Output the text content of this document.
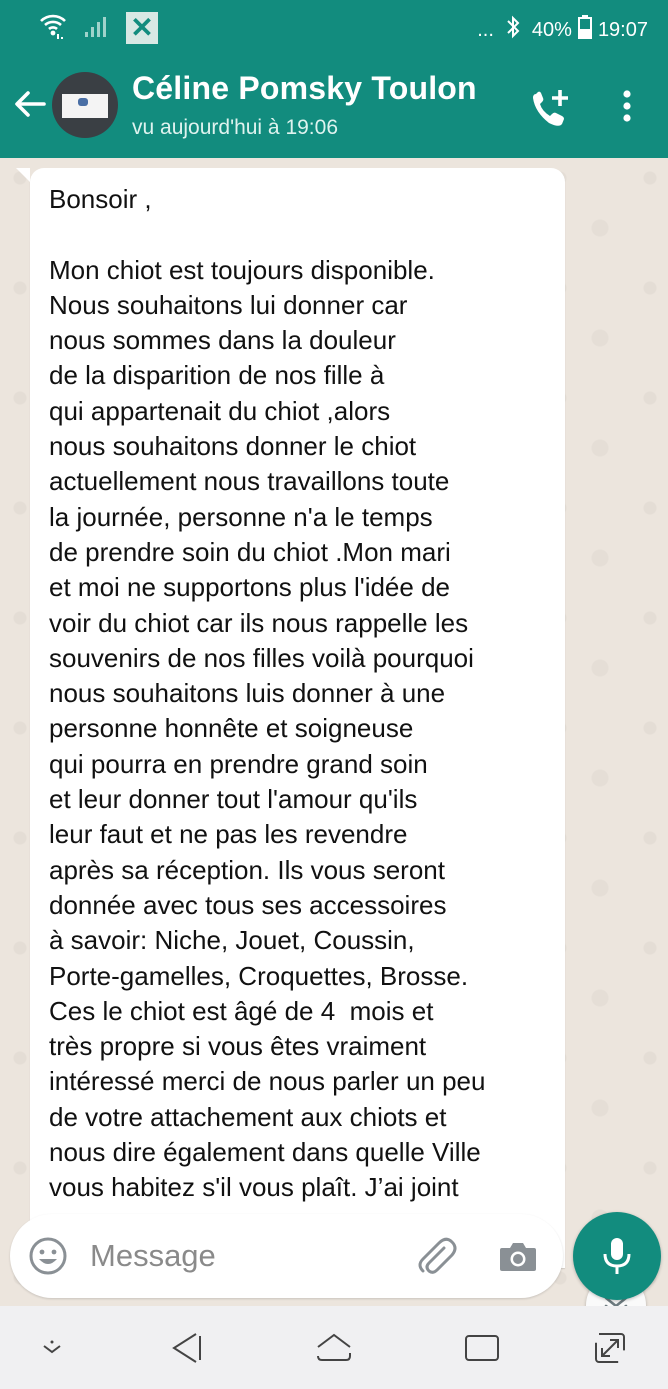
✕	... 40% 19:07
Céline Pomsky Toulon
vu aujourd'hui à 19:06
Bonsoir ,

Mon chiot est toujours disponible.
Nous souhaitons lui donner car
nous sommes dans la douleur
de la disparition de nos fille à
qui appartenait du chiot ,alors
nous souhaitons donner le chiot
actuellement nous travaillons toute
la journée, personne n'a le temps
de prendre soin du chiot .Mon mari
et moi ne supportons plus l'idée de
voir du chiot car ils nous rappelle les
souvenirs de nos filles voilà pourquoi
nous souhaitons luis donner à une
personne honnête et soigneuse
qui pourra en prendre grand soin
et leur donner tout l'amour qu'ils
leur faut et ne pas les revendre
après sa réception. Ils vous seront
donnée avec tous ses accessoires
à savoir: Niche, Jouet, Coussin,
Porte-gamelles, Croquettes, Brosse.
Ces le chiot est âgé de 4  mois et
très propre si vous êtes vraiment
intéressé merci de nous parler un peu
de votre attachement aux chiots et
nous dire également dans quelle Ville
vous habitez s'il vous plaît. J’ai joint
Message
